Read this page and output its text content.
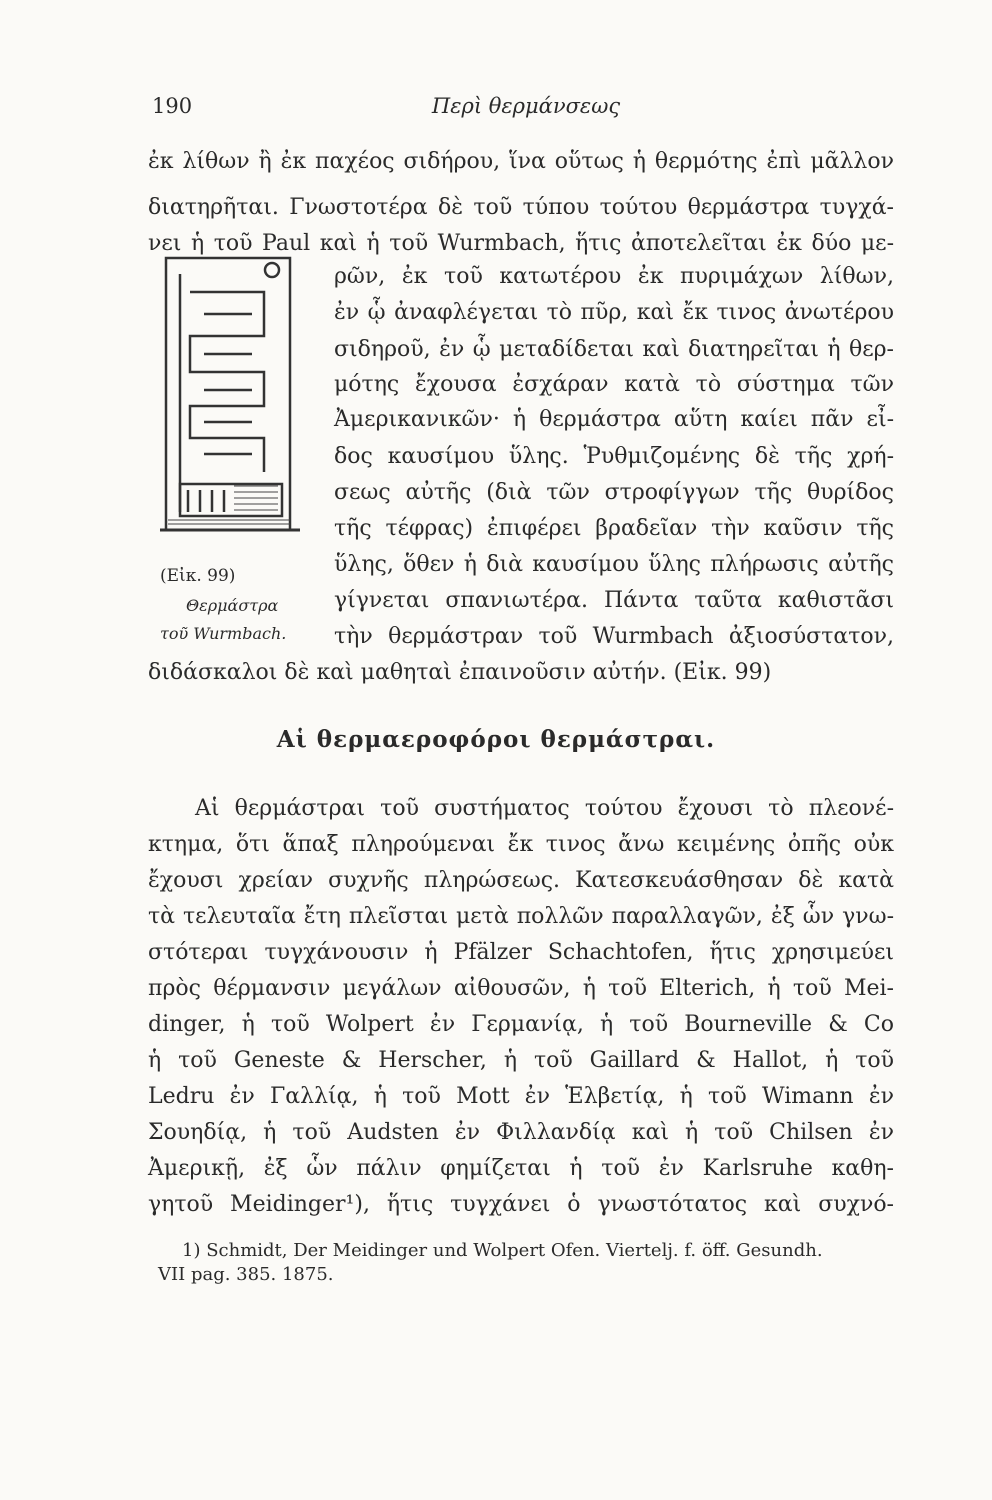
190	Περὶ θερμάνσεως
ἐκ λίθων ἢ ἐκ παχέος σιδήρου, ἵνα οὕτως ἡ θερμότης ἐπὶ μᾶλλον
διατηρῆται. Γνωστοτέρα δὲ τοῦ τύπου τούτου θερμάστρα τυγχά-
νει ἡ τοῦ Paul καὶ ἡ τοῦ Wurmbach, ἥτις ἀποτελεῖται ἐκ δύο με-
(Εἰκ. 99)
Θερμάστρα
τοῦ Wurmbach.
ρῶν, ἐκ τοῦ κατωτέρου ἐκ πυριμάχων λίθων,
ἐν ᾧ ἀναφλέγεται τὸ πῦρ, καὶ ἔκ τινος ἀνωτέρου
σιδηροῦ, ἐν ᾧ μεταδίδεται καὶ διατηρεῖται ἡ θερ-
μότης ἔχουσα ἐσχάραν κατὰ τὸ σύστημα τῶν
Ἀμερικανικῶν· ἡ θερμάστρα αὕτη καίει πᾶν εἶ-
δος καυσίμου ὕλης. Ῥυθμιζομένης δὲ τῆς χρή-
σεως αὐτῆς (διὰ τῶν στροφίγγων τῆς θυρίδος
τῆς τέφρας) ἐπιφέρει βραδεῖαν τὴν καῦσιν τῆς
ὕλης, ὅθεν ἡ διὰ καυσίμου ὕλης πλήρωσις αὐτῆς
γίγνεται σπανιωτέρα. Πάντα ταῦτα καθιστᾶσι
τὴν θερμάστραν τοῦ Wurmbach ἀξιοσύστατον,
διδάσκαλοι δὲ καὶ μαθηταὶ ἐπαινοῦσιν αὐτήν. (Εἰκ. 99)
Αἱ θερμαεροφόροι θερμάστραι.
Αἱ θερμάστραι τοῦ συστήματος τούτου ἔχουσι τὸ πλεονέ-
κτημα, ὅτι ἅπαξ πληρούμεναι ἔκ τινος ἄνω κειμένης ὀπῆς οὐκ
ἔχουσι χρείαν συχνῆς πληρώσεως. Κατεσκευάσθησαν δὲ κατὰ
τὰ τελευταῖα ἔτη πλεῖσται μετὰ πολλῶν παραλλαγῶν, ἐξ ὧν γνω-
στότεραι τυγχάνουσιν ἡ Pfälzer Schachtofen, ἥτις χρησιμεύει
πρὸς θέρμανσιν μεγάλων αἰθουσῶν, ἡ τοῦ Elterich, ἡ τοῦ Mei-
dinger, ἡ τοῦ Wolpert ἐν Γερμανίᾳ, ἡ τοῦ Bourneville & Co
ἡ τοῦ Geneste & Herscher, ἡ τοῦ Gaillard & Hallot, ἡ τοῦ
Ledru ἐν Γαλλίᾳ, ἡ τοῦ Mott ἐν Ἑλβετίᾳ, ἡ τοῦ Wimann ἐν
Σουηδίᾳ, ἡ τοῦ Audsten ἐν Φιλλανδίᾳ καὶ ἡ τοῦ Chilsen ἐν
Ἀμερικῇ, ἐξ ὧν πάλιν φημίζεται ἡ τοῦ ἐν Karlsruhe καθη-
γητοῦ Meidinger¹), ἥτις τυγχάνει ὁ γνωστότατος καὶ συχνό-
1) Schmidt, Der Meidinger und Wolpert Ofen. Viertelj. f. öff. Gesundh.
VII pag. 385. 1875.
